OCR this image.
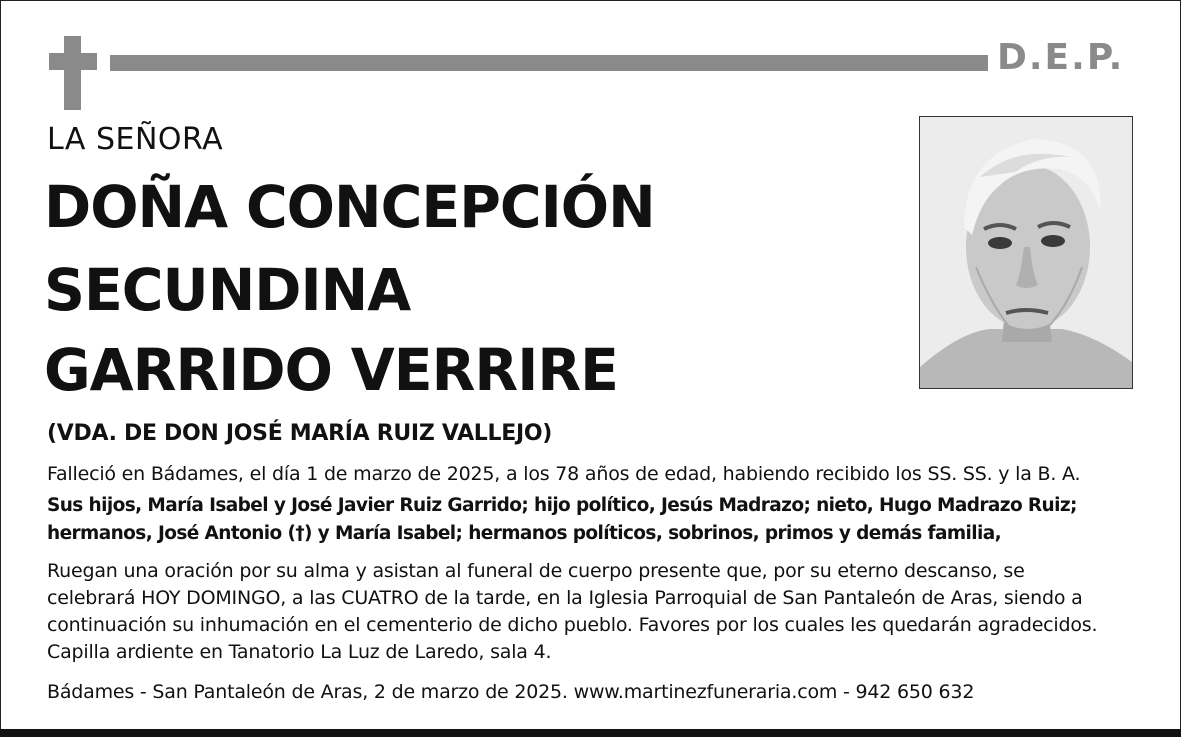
D.E.P.
LA SEÑORA
DOÑA CONCEPCIÓN
SECUNDINA
GARRIDO VERRIRE
(VDA. DE DON JOSÉ MARÍA RUIZ VALLEJO)
Falleció en Bádames, el día 1 de marzo de 2025, a los 78 años de edad, habiendo recibido los SS. SS. y la B. A.
Sus hijos, María Isabel y José Javier Ruiz Garrido; hijo político, Jesús Madrazo; nieto, Hugo Madrazo Ruiz;
hermanos, José Antonio (†) y María Isabel; hermanos políticos, sobrinos, primos y demás familia,
Ruegan una oración por su alma y asistan al funeral de cuerpo presente que, por su eterno descanso, se
celebrará HOY DOMINGO, a las CUATRO de la tarde, en la Iglesia Parroquial de San Pantaleón de Aras, siendo a
continuación su inhumación en el cementerio de dicho pueblo. Favores por los cuales les quedarán agradecidos.
Capilla ardiente en Tanatorio La Luz de Laredo, sala 4.
Bádames - San Pantaleón de Aras, 2 de marzo de 2025. www.martinezfuneraria.com - 942 650 632
